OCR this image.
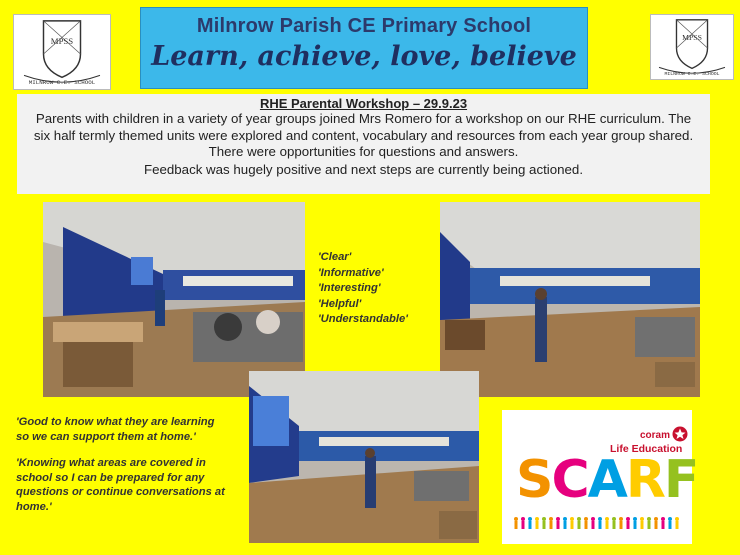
MPSS
MILNROW C.E. SCHOOL
MPSS
MILNROW C.E. SCHOOL
Milnrow Parish CE Primary School
Learn, achieve, love, believe
RHE Parental Workshop – 29.9.23
Parents with children in a variety of year groups joined Mrs Romero for a workshop on our RHE curriculum. The six half termly themed units were explored and content, vocabulary and resources from each year group shared. There were opportunities for questions and answers.
Feedback was hugely positive and next steps are currently being actioned.
'Clear'
'Informative'
'Interesting'
'Helpful'
'Understandable'

'Good to know what they are learning so we can support them at home.'

'Knowing what areas are covered in school so I can be prepared for any questions or continue conversations at home.'

coram
Life Education
SCARF
